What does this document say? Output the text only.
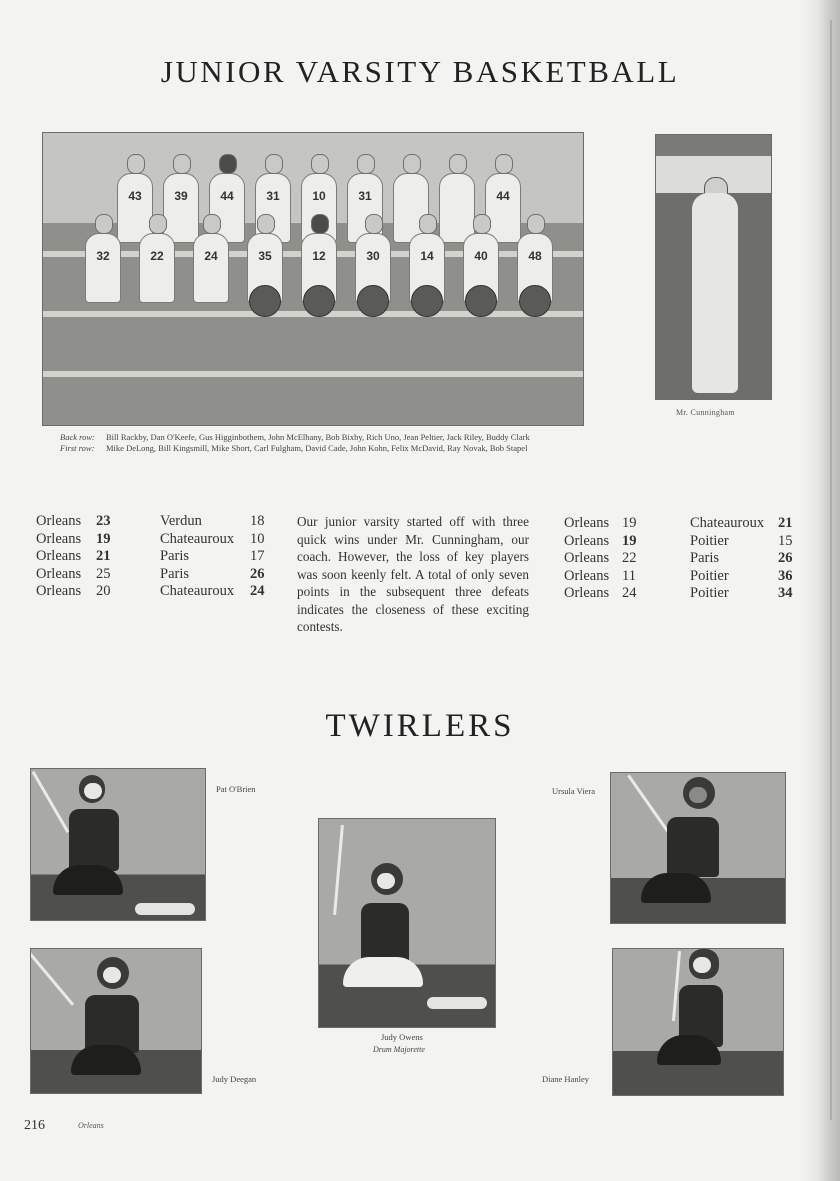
JUNIOR VARSITY BASKETBALL
43	39	44	31	10	31	44
32	22	24	35	12	30	14	40	48
Mr. Cunningham
Back row: Bill Rackby, Dan O'Keefe, Gus Higginbothem, John McElhany, Bob Bixby, Rich Uno, Jean Peltier, Jack Riley, Buddy Clark
First row: Mike DeLong, Bill Kingsmill, Mike Short, Carl Fulgham, David Cade, John Kohn, Felix McDavid, Ray Novak, Bob Stapel
Orleans 23	Verdun	18
Orleans 19	Chateauroux 10
Orleans 21	Paris	17
Orleans 25	Paris	26
Orleans 20	Chateauroux 24
Our junior varsity started off with three quick wins under Mr. Cunningham, our coach. However, the loss of key players was soon keenly felt. A total of only seven points in the subsequent three defeats indicates the closeness of these exciting contests.
Orleans 19	Chateauroux 21
Orleans 19	Poitier	15
Orleans 22	Paris	26
Orleans 11	Poitier	36
Orleans 24	Poitier	34
TWIRLERS
Pat O'Brien
Judy Owens
Drum Majorette
Ursula Viera
Judy Deegan	Diane Hanley
216	Orleans
